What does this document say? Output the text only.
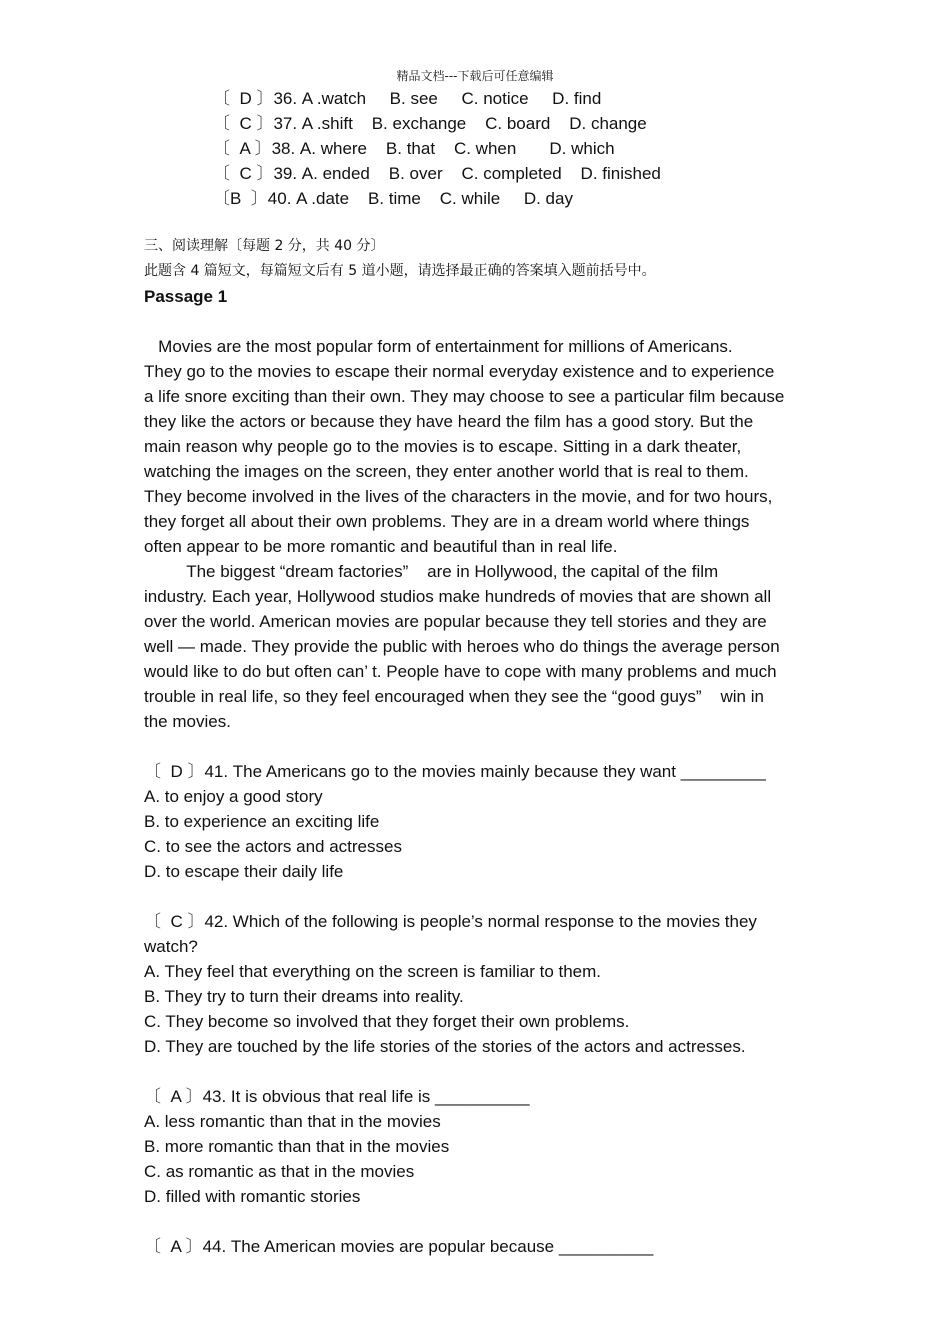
精品文档---下载后可任意编辑
〔  D 〕36. A .watch     B. see     C. notice     D. find
〔  C 〕37. A .shift    B. exchange    C. board    D. change
〔  A 〕38. A. where    B. that    C. when       D. which
〔  C 〕39. A. ended    B. over    C. completed    D. finished
〔B  〕40. A .date    B. time    C. while     D. day
三、阅读理解〔每题 2 分，共 40 分〕
此题含 4 篇短文，每篇短文后有 5 道小题，请选择最正确的答案填入题前括号中。
Passage 1
Movies are the most popular form of entertainment for millions of Americans.
They go to the movies to escape their normal everyday existence and to experience
a life snore exciting than their own. They may choose to see a particular film because
they like the actors or because they have heard the film has a good story. But the
main reason why people go to the movies is to escape. Sitting in a dark theater,
watching the images on the screen, they enter another world that is real to them.
They become involved in the lives of the characters in the movie, and for two hours,
they forget all about their own problems. They are in a dream world where things
often appear to be more romantic and beautiful than in real life.
The biggest “dream factories”    are in Hollywood, the capital of the film
industry. Each year, Hollywood studios make hundreds of movies that are shown all
over the world. American movies are popular because they tell stories and they are
well — made. They provide the public with heroes who do things the average person
would like to do but often can’ t. People have to cope with many problems and much
trouble in real life, so they feel encouraged when they see the “good guys”    win in
the movies.
〔  D 〕41. The Americans go to the movies mainly because they want _________
A. to enjoy a good story
B. to experience an exciting life
C. to see the actors and actresses
D. to escape their daily life
〔  C 〕42. Which of the following is people’s normal response to the movies they
watch?
A. They feel that everything on the screen is familiar to them.
B. They try to turn their dreams into reality.
C. They become so involved that they forget their own problems.
D. They are touched by the life stories of the stories of the actors and actresses.
〔  A 〕43. It is obvious that real life is __________
A. less romantic than that in the movies
B. more romantic than that in the movies
C. as romantic as that in the movies
D. filled with romantic stories
〔  A 〕44. The American movies are popular because __________
